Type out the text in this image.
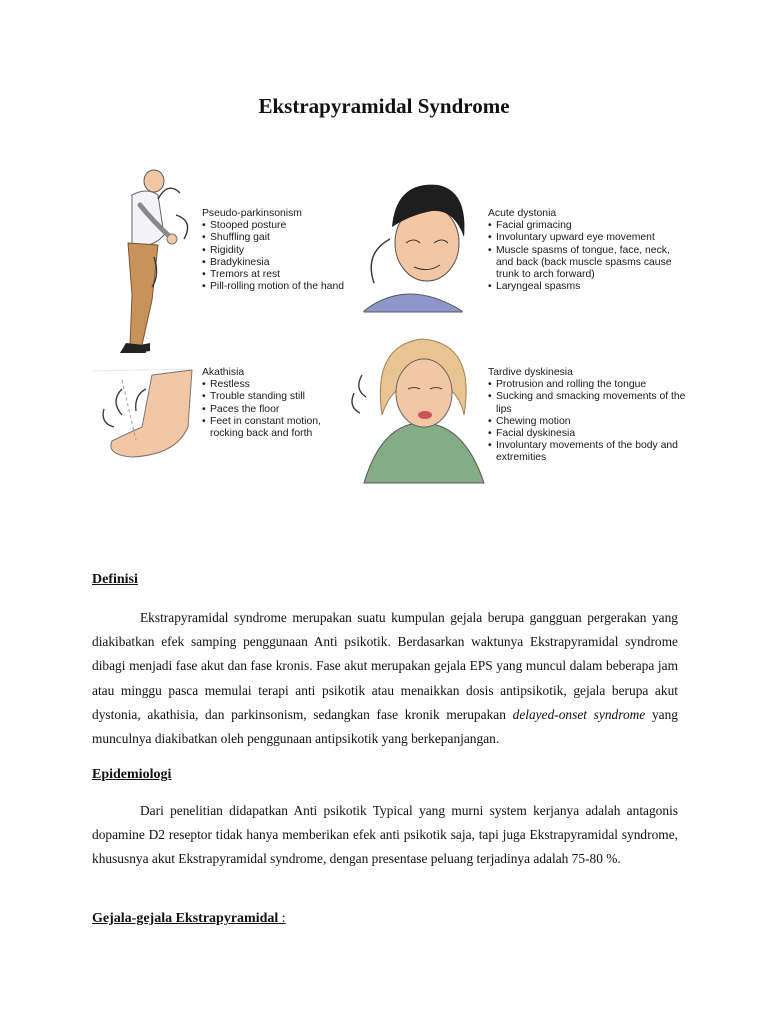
Ekstrapyramidal Syndrome
Pseudo-parkinsonism
• Stooped posture
• Shuffling gait
• Rigidity
• Bradykinesia
• Tremors at rest
• Pill-rolling motion of the hand
Acute dystonia
• Facial grimacing
• Involuntary upward eye movement
• Muscle spasms of tongue, face, neck, and back (back muscle spasms cause trunk to arch forward)
• Laryngeal spasms
Akathisia
• Restless
• Trouble standing still
• Paces the floor
• Feet in constant motion, rocking back and forth
Tardive dyskinesia
• Protrusion and rolling the tongue
• Sucking and smacking movements of the lips
• Chewing motion
• Facial dyskinesia
• Involuntary movements of the body and extremities
Definisi

Ekstrapyramidal syndrome merupakan suatu kumpulan gejala berupa gangguan pergerakan yang diakibatkan efek samping penggunaan Anti psikotik. Berdasarkan waktunya Ekstrapyramidal syndrome dibagi menjadi fase akut dan fase kronis. Fase akut merupakan gejala EPS yang muncul dalam beberapa jam atau minggu pasca memulai terapi anti psikotik atau menaikkan dosis antipsikotik, gejala berupa akut dystonia, akathisia, dan parkinsonism, sedangkan fase kronik merupakan delayed-onset syndrome yang munculnya diakibatkan oleh penggunaan antipsikotik yang berkepanjangan.

Epidemiologi

Dari penelitian didapatkan Anti psikotik Typical yang murni system kerjanya adalah antagonis dopamine D2 reseptor tidak hanya memberikan efek anti psikotik saja, tapi juga Ekstrapyramidal syndrome, khususnya akut Ekstrapyramidal syndrome, dengan presentase peluang terjadinya adalah 75-80 %.

Gejala-gejala Ekstrapyramidal :
